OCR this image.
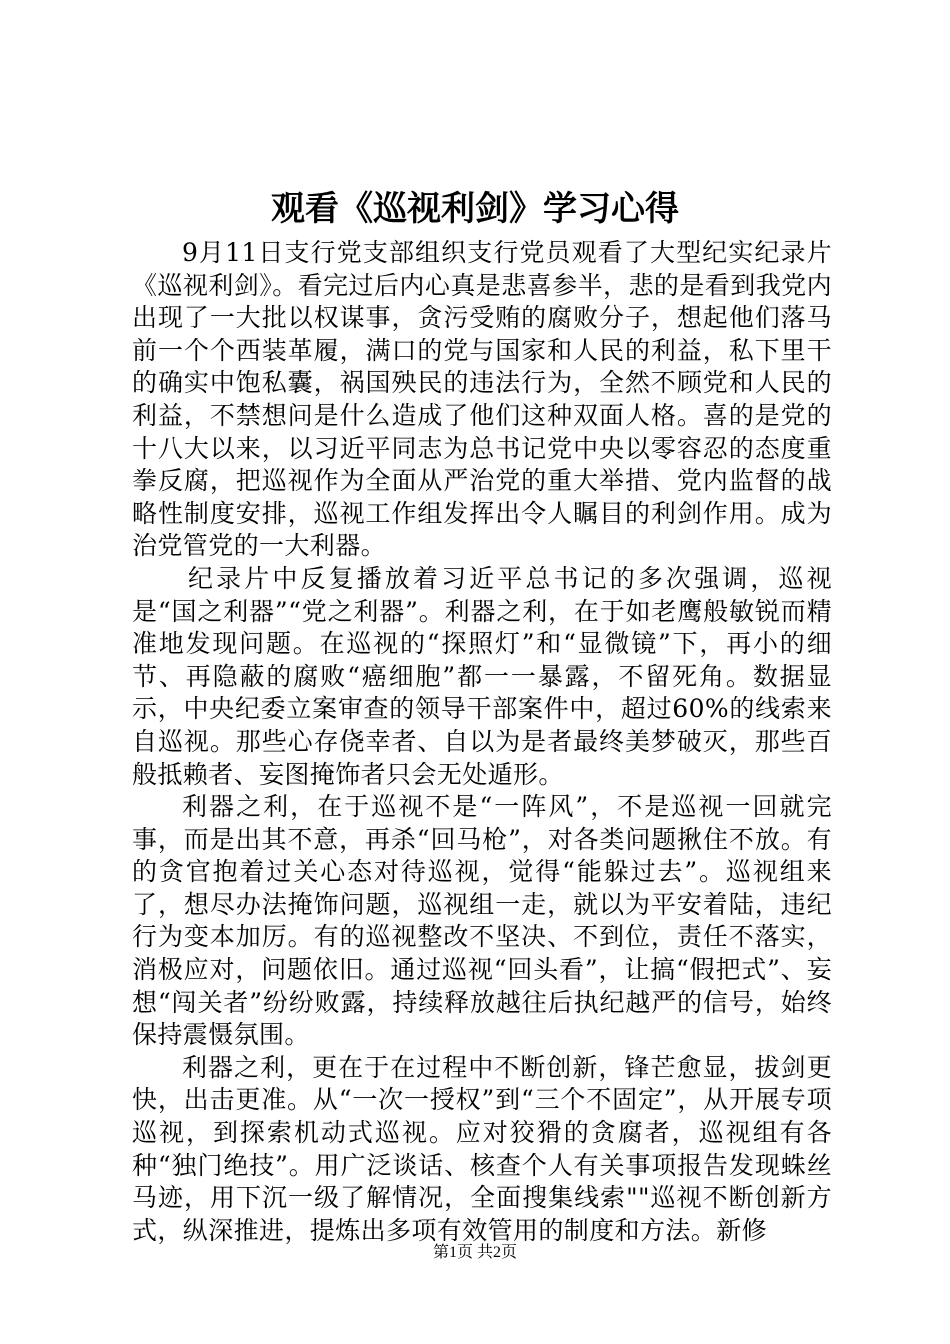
观看《巡视利剑》学习心得

9月11日支行党支部组织支行党员观看了大型纪实纪录片《巡视利剑》。看完过后内心真是悲喜参半，悲的是看到我党内出现了一大批以权谋事，贪污受贿的腐败分子，想起他们落马前一个个西装革履，满口的党与国家和人民的利益，私下里干的确实中饱私囊，祸国殃民的违法行为，全然不顾党和人民的利益，不禁想问是什么造成了他们这种双面人格。喜的是党的十八大以来，以习近平同志为总书记党中央以零容忍的态度重拳反腐，把巡视作为全面从严治党的重大举措、党内监督的战略性制度安排，巡视工作组发挥出令人瞩目的利剑作用。成为治党管党的一大利器。

纪录片中反复播放着习近平总书记的多次强调，巡视是“国之利器”“党之利器”。利器之利，在于如老鹰般敏锐而精准地发现问题。在巡视的“探照灯”和“显微镜”下，再小的细节、再隐蔽的腐败“癌细胞”都一一暴露，不留死角。数据显示，中央纪委立案审查的领导干部案件中，超过60%的线索来自巡视。那些心存侥幸者、自以为是者最终美梦破灭，那些百般抵赖者、妄图掩饰者只会无处遁形。

利器之利，在于巡视不是“一阵风”，不是巡视一回就完事，而是出其不意，再杀“回马枪”，对各类问题揪住不放。有的贪官抱着过关心态对待巡视，觉得“能躲过去”。巡视组来了，想尽办法掩饰问题，巡视组一走，就以为平安着陆，违纪行为变本加厉。有的巡视整改不坚决、不到位，责任不落实，消极应对，问题依旧。通过巡视“回头看”，让搞“假把式”、妄想“闯关者”纷纷败露，持续释放越往后执纪越严的信号，始终保持震慑氛围。

利器之利，更在于在过程中不断创新，锋芒愈显，拔剑更快，出击更准。从“一次一授权”到“三个不固定”，从开展专项巡视，到探索机动式巡视。应对狡猾的贪腐者，巡视组有各种“独门绝技”。用广泛谈话、核查个人有关事项报告发现蛛丝马迹，用下沉一级了解情况，全面搜集线索""巡视不断创新方式，纵深推进，提炼出多项有效管用的制度和方法。新修

第1页 共2页
